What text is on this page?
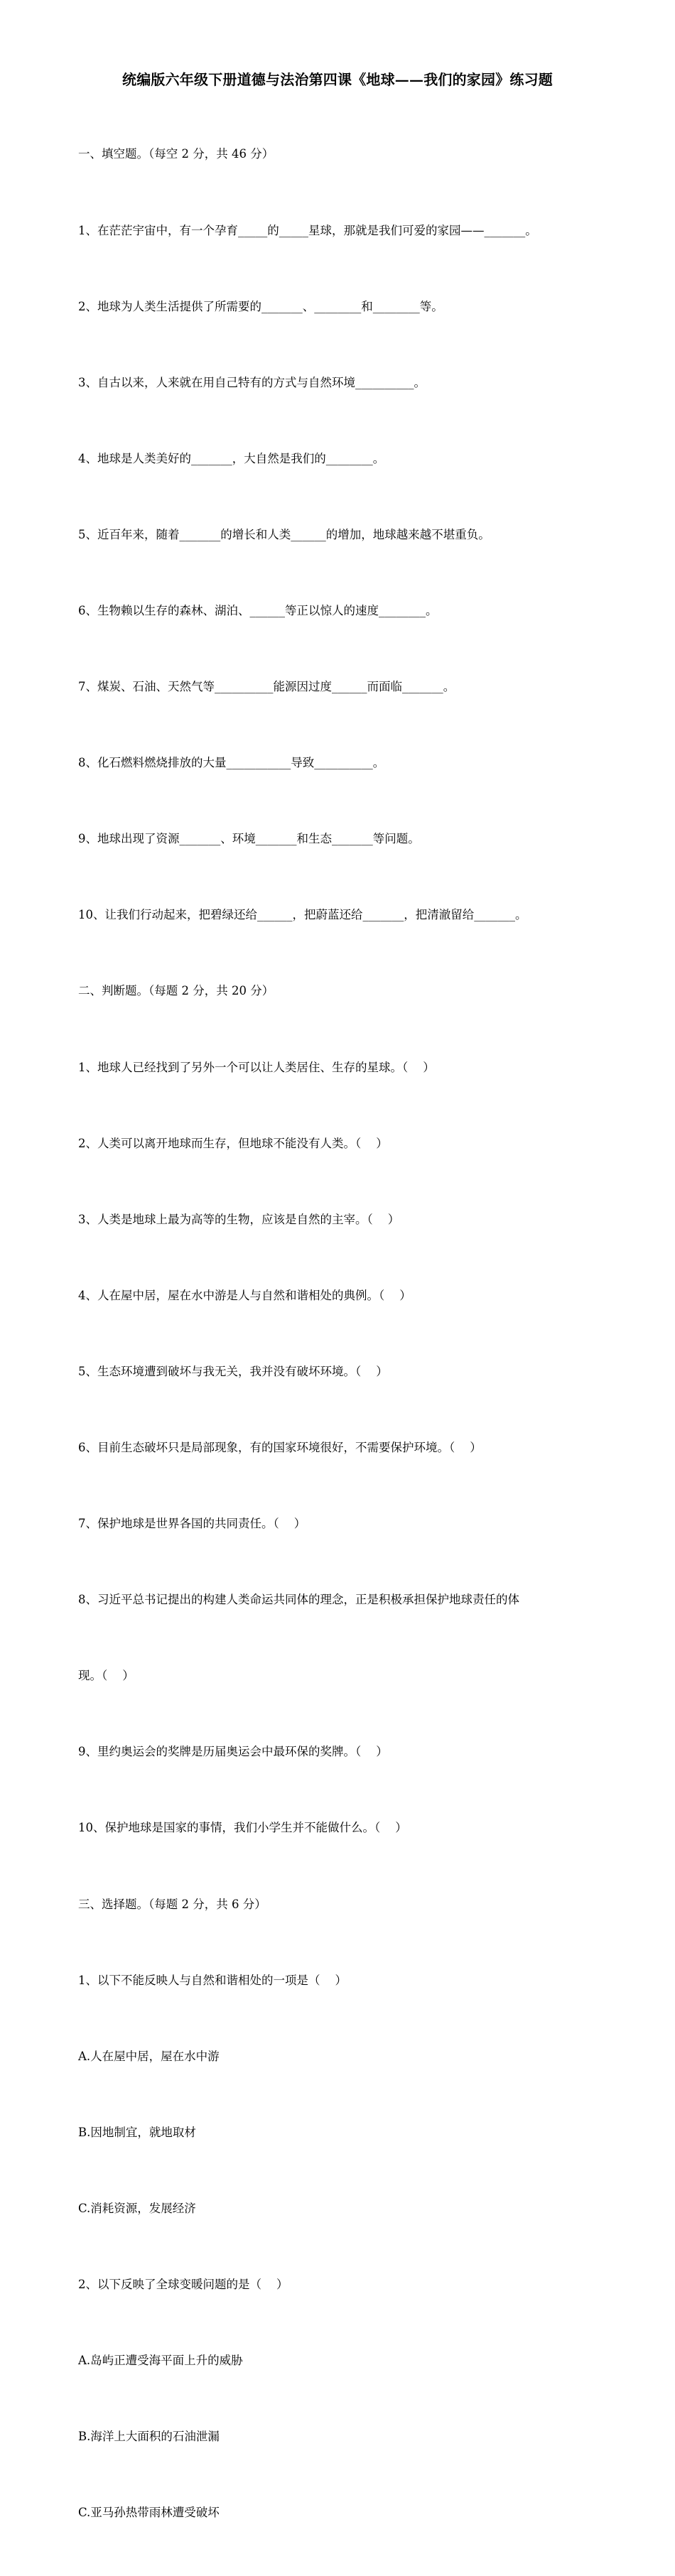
统编版六年级下册道德与法治第四课《地球——我们的家园》练习题

一、填空题。（每空 2 分，共 46 分）

1、在茫茫宇宙中，有一个孕育_____的_____星球，那就是我们可爱的家园——_______。

2、地球为人类生活提供了所需要的_______、________和________等。

3、自古以来，人来就在用自己特有的方式与自然环境__________。

4、地球是人类美好的_______，大自然是我们的________。

5、近百年来，随着_______的增长和人类______的增加，地球越来越不堪重负。

6、生物赖以生存的森林、湖泊、______等正以惊人的速度________。

7、煤炭、石油、天然气等__________能源因过度______而面临_______。

8、化石燃料燃烧排放的大量___________导致__________。

9、地球出现了资源_______、环境_______和生态_______等问题。

10、让我们行动起来，把碧绿还给______，把蔚蓝还给_______，把清澈留给_______。

二、判断题。（每题 2 分，共 20 分）

1、地球人已经找到了另外一个可以让人类居住、生存的星球。（    ）

2、人类可以离开地球而生存，但地球不能没有人类。（    ）

3、人类是地球上最为高等的生物，应该是自然的主宰。（    ）

4、人在屋中居，屋在水中游是人与自然和谐相处的典例。（    ）

5、生态环境遭到破坏与我无关，我并没有破坏环境。（    ）

6、目前生态破坏只是局部现象，有的国家环境很好，不需要保护环境。（    ）

7、保护地球是世界各国的共同责任。（    ）

8、习近平总书记提出的构建人类命运共同体的理念，正是积极承担保护地球责任的体

现。（    ）

9、里约奥运会的奖牌是历届奥运会中最环保的奖牌。（    ）

10、保护地球是国家的事情，我们小学生并不能做什么。（    ）

三、选择题。（每题 2 分，共 6 分）

1、以下不能反映人与自然和谐相处的一项是（    ）

A.人在屋中居，屋在水中游

B.因地制宜，就地取材

C.消耗资源，发展经济

2、以下反映了全球变暖问题的是（    ）

A.岛屿正遭受海平面上升的威胁

B.海洋上大面积的石油泄漏

C.亚马孙热带雨林遭受破坏
